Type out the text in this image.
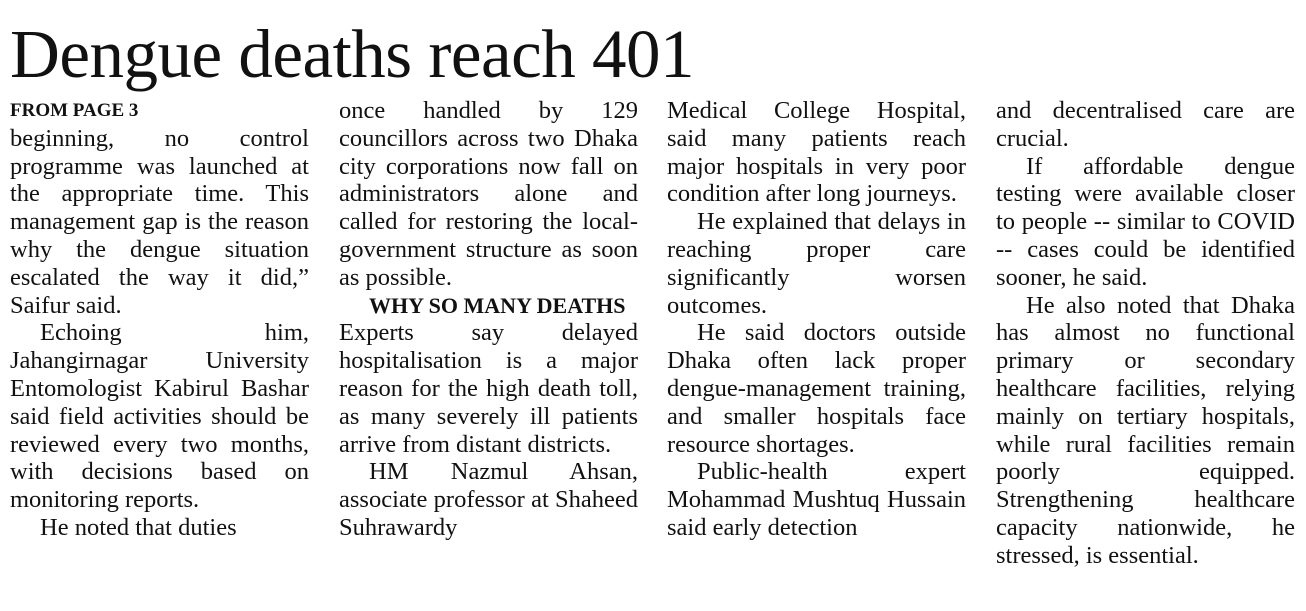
Dengue deaths reach 401

FROM PAGE 3

beginning, no control programme was launched at the appropriate time. This management gap is the reason why the dengue situation escalated the way it did,” Saifur said.

Echoing him, Jahangirnagar University Entomologist Kabirul Bashar said field activities should be reviewed every two months, with decisions based on monitoring reports.

He noted that duties

once handled by 129 councillors across two Dhaka city corporations now fall on administrators alone and called for restoring the local-government structure as soon as possible.

WHY SO MANY DEATHS

Experts say delayed hospitalisation is a major reason for the high death toll, as many severely ill patients arrive from distant districts.

HM Nazmul Ahsan, associate professor at Shaheed Suhrawardy

Medical College Hospital, said many patients reach major hospitals in very poor condition after long journeys.

He explained that delays in reaching proper care significantly worsen outcomes.

He said doctors outside Dhaka often lack proper dengue-management training, and smaller hospitals face resource shortages.

Public-health expert Mohammad Mushtuq Hussain said early detection

and decentralised care are crucial.

If affordable dengue testing were available closer to people -- similar to COVID -- cases could be identified sooner, he said.

He also noted that Dhaka has almost no functional primary or secondary healthcare facilities, relying mainly on tertiary hospitals, while rural facilities remain poorly equipped. Strengthening healthcare capacity nationwide, he stressed, is essential.
